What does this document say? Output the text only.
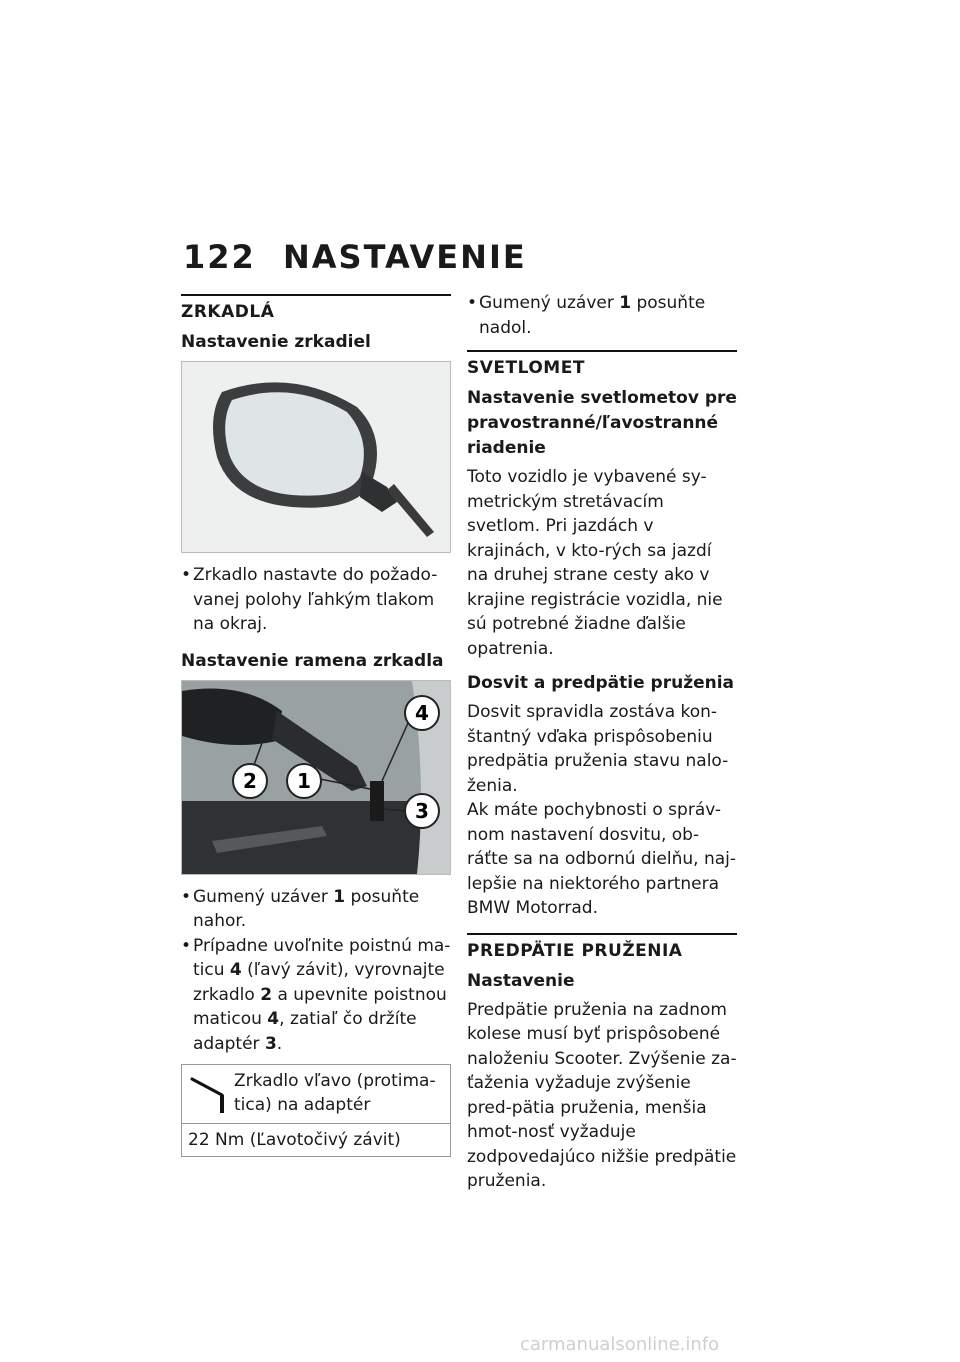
122 NASTAVENIE
ZRKADLÁ
Nastavenie zrkadiel
• Zrkadlo nastavte do požado-vanej polohy ľahkým tlakom na okraj.
Nastavenie ramena zrkadla
2 1
4
3
• Gumený uzáver 1 posuňte nahor.
• Prípadne uvoľnite poistnú ma-ticu 4 (ľavý závit), vyrovnajte zrkadlo 2 a upevnite poistnou maticou 4, zatiaľ čo držíte adaptér 3.
Zrkadlo vľavo (protima-tica) na adaptér
22 Nm (Ľavotočivý závit)
• Gumený uzáver 1 posuňte nadol.
SVETLOMET
Nastavenie svetlometov pre pravostranné/ľavostranné riadenie

Toto vozidlo je vybavené sy-metrickým stretávacím svetlom. Pri jazdách v krajinách, v kto-rých sa jazdí na druhej strane cesty ako v krajine registrácie vozidla, nie sú potrebné žiadne ďalšie opatrenia.

Dosvit a predpätie pruženia

Dosvit spravidla zostáva kon-štantný vďaka prispôsobeniu predpätia pruženia stavu nalo-ženia.

Ak máte pochybnosti o správ-nom nastavení dosvitu, ob-ráťte sa na odbornú dielňu, naj-lepšie na niektorého partnera BMW Motorrad.

PREDPÄTIE PRUŽENIA
Nastavenie

Predpätie pruženia na zadnom kolese musí byť prispôsobené naloženiu Scooter. Zvýšenie za-ťaženia vyžaduje zvýšenie pred-pätia pruženia, menšia hmot-nosť vyžaduje zodpovedajúco nižšie predpätie pruženia.

carmanualsonline.info
